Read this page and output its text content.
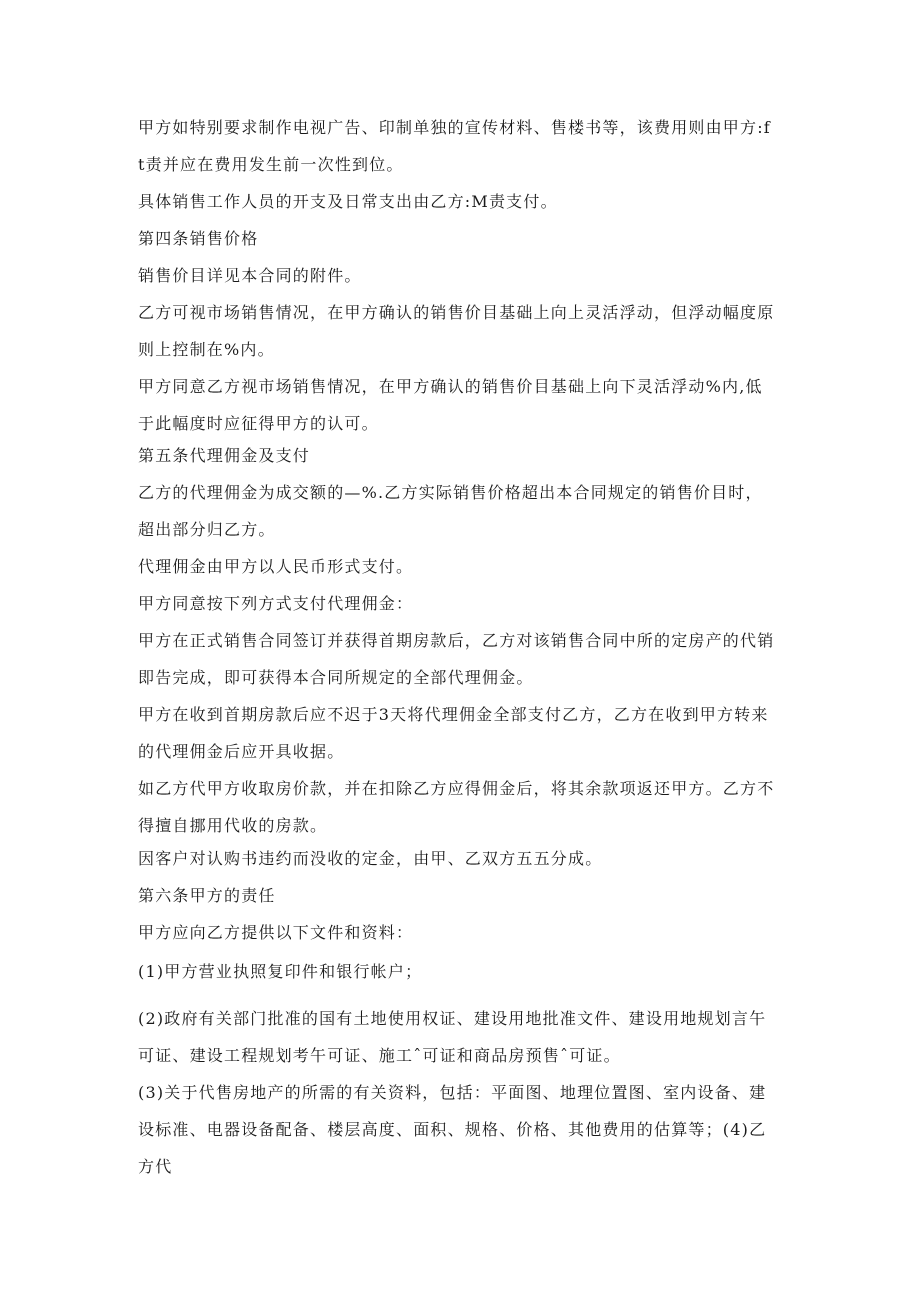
甲方如特别要求制作电视广告、印制单独的宣传材料、售楼书等，该费用则由甲方:ft责并应在费用发生前一次性到位。

具体销售工作人员的开支及日常支出由乙方:M责支付。

第四条销售价格

销售价目详见本合同的附件。

乙方可视市场销售情况，在甲方确认的销售价目基础上向上灵活浮动，但浮动幅度原则上控制在%内。

甲方同意乙方视市场销售情况，在甲方确认的销售价目基础上向下灵活浮动%内,低于此幅度时应征得甲方的认可。

第五条代理佣金及支付

乙方的代理佣金为成交额的—%.乙方实际销售价格超出本合同规定的销售价目时，超出部分归乙方。

代理佣金由甲方以人民币形式支付。

甲方同意按下列方式支付代理佣金：

甲方在正式销售合同签订并获得首期房款后，乙方对该销售合同中所的定房产的代销即告完成，即可获得本合同所规定的全部代理佣金。

甲方在收到首期房款后应不迟于3天将代理佣金全部支付乙方，乙方在收到甲方转来的代理佣金后应开具收据。

如乙方代甲方收取房价款，并在扣除乙方应得佣金后，将其余款项返还甲方。乙方不得擅自挪用代收的房款。

因客户对认购书违约而没收的定金，由甲、乙双方五五分成。

第六条甲方的责任

甲方应向乙方提供以下文件和资料：

(1)甲方营业执照复印件和银行帐户；

(2)政府有关部门批准的国有土地使用权证、建设用地批准文件、建设用地规划言午可证、建设工程规划考午可证、施工ˆ可证和商品房预售ˆ可证。

(3)关于代售房地产的所需的有关资料，包括：平面图、地理位置图、室内设备、建设标准、电器设备配备、楼层高度、面积、规格、价格、其他费用的估算等；(4)乙方代
